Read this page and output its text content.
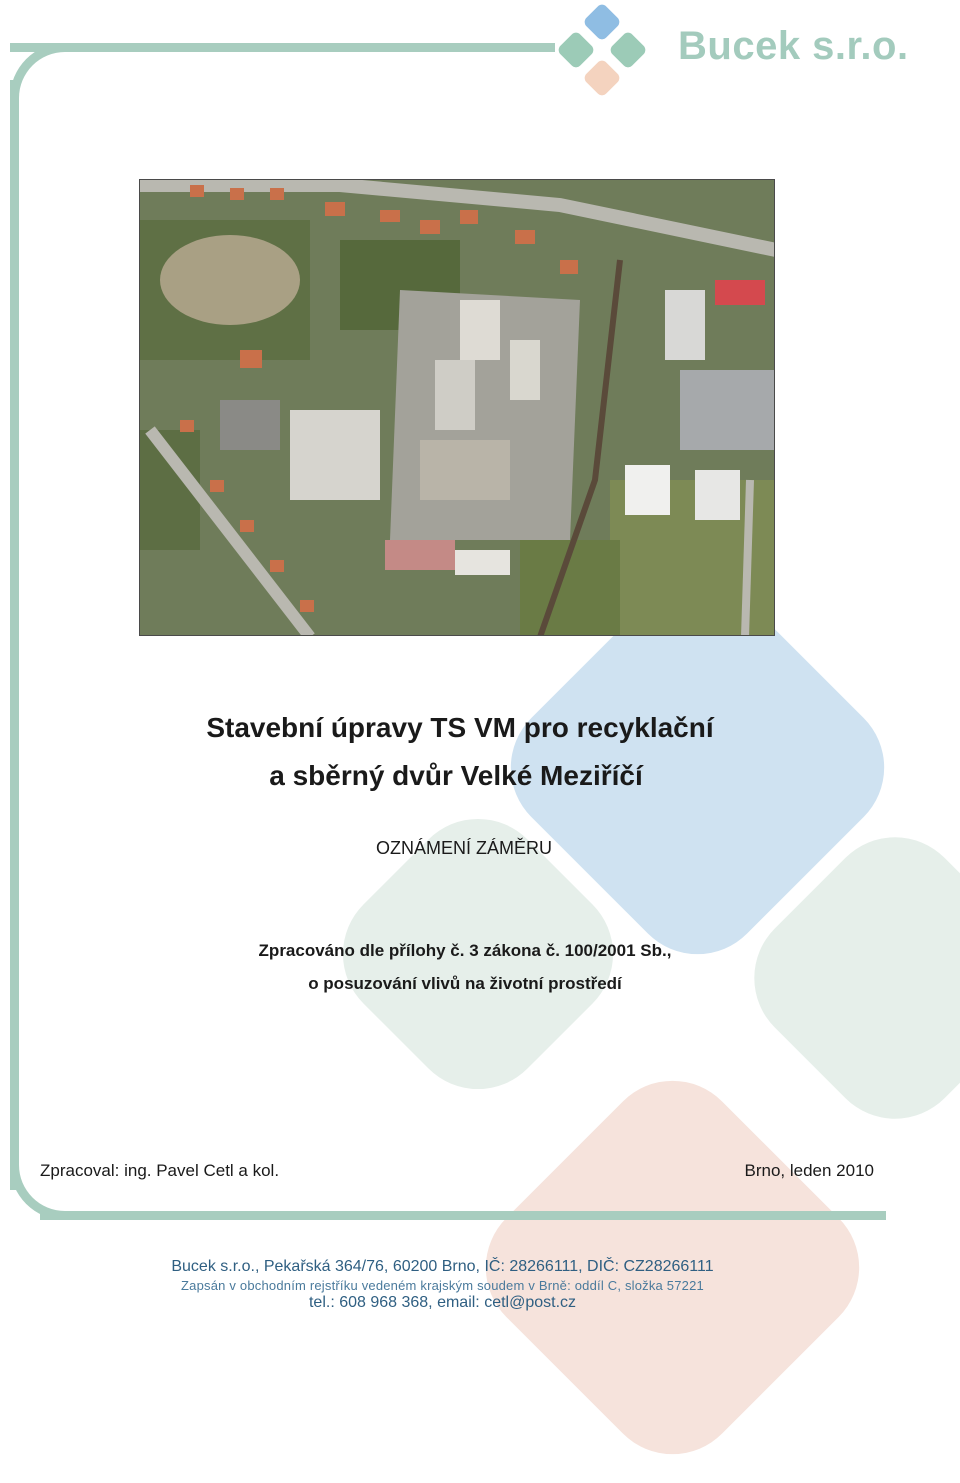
Bucek s.r.o.
Stavební úpravy TS VM pro recyklační
a sběrný dvůr Velké Meziříčí
OZNÁMENÍ ZÁMĚRU
Zpracováno dle přílohy č. 3 zákona č. 100/2001 Sb.,
o posuzování vlivů na životní prostředí
Zpracoval: ing. Pavel Cetl a kol.	Brno, leden 2010
Bucek s.r.o., Pekařská 364/76, 60200 Brno, IČ: 28266111, DIČ: CZ28266111
Zapsán v obchodním rejstříku vedeném krajským soudem v Brně: oddíl C, složka 57221
tel.: 608 968 368, email: cetl@post.cz
